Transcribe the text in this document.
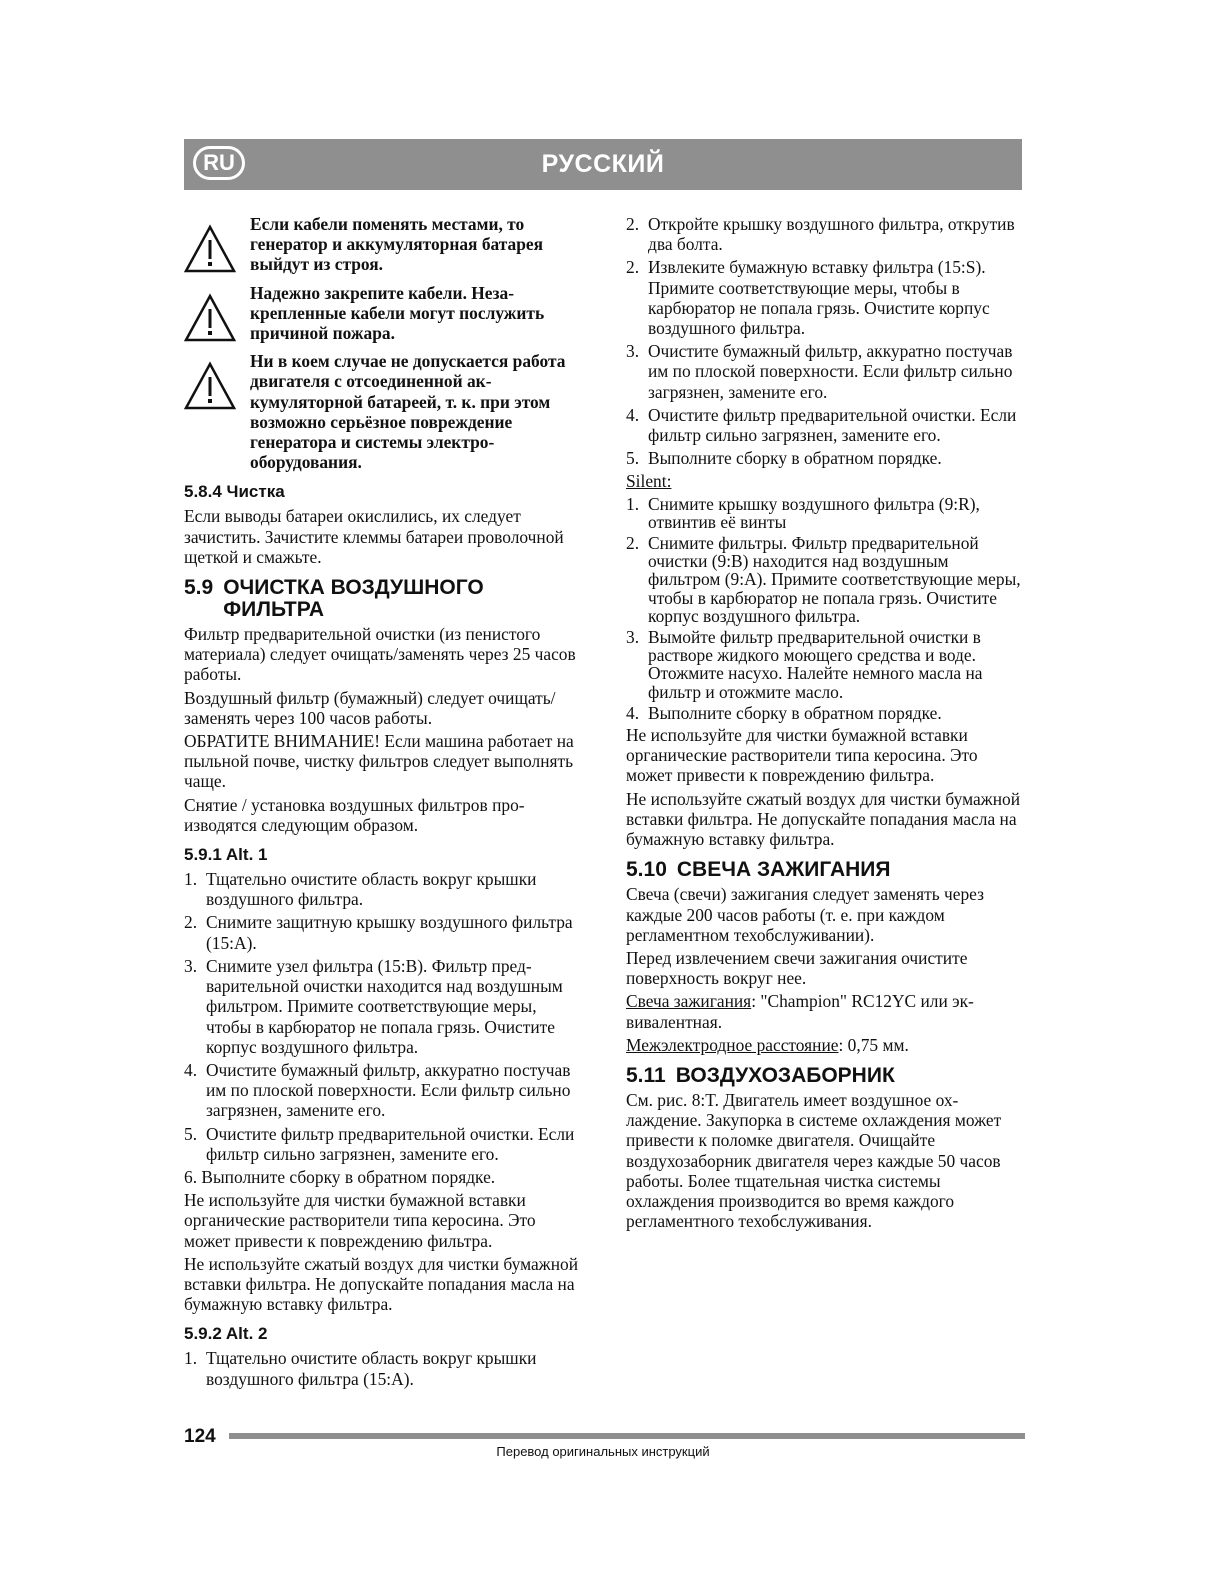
РУССКИЙ
RU
Если кабели поменять местами, то генератор и аккумуляторная батарея выйдут из строя.
Надежно закрепите кабели. Незакрепленные кабели могут послужить причиной пожара.
Ни в коем случае не допускается работа двигателя с отсоединенной аккумуляторной батареей, т. к. при этом возможно серьёзное повреждение генератора и системы электрооборудования.
5.8.4 Чистка

Если выводы батареи окислились, их следует зачистить. Зачистите клеммы батареи проволочной щеткой и смажьте.

5.9 ОЧИСТКА ВОЗДУШНОГО ФИЛЬТРА

Фильтр предварительной очистки (из пенистого материала) следует очищать/заменять через 25 часов работы.

Воздушный фильтр (бумажный) следует очищать/заменять через 100 часов работы.

ОБРАТИТЕ ВНИМАНИЕ! Если машина работает на пыльной почве, чистку фильтров следует выполнять чаще.

Снятие / установка воздушных фильтров производятся следующим образом.

5.9.1 Alt. 1
1. Тщательно очистите область вокруг крышки воздушного фильтра.
2. Снимите защитную крышку воздушного фильтра (15:A).
3. Снимите узел фильтра (15:B). Фильтр предварительной очистки находится над воздушным фильтром. Примите соответствующие меры, чтобы в карбюратор не попала грязь. Очистите корпус воздушного фильтра.
4. Очистите бумажный фильтр, аккуратно постучав им по плоской поверхности. Если фильтр сильно загрязнен, замените его.
5. Очистите фильтр предварительной очистки. Если фильтр сильно загрязнен, замените его.

6. Выполните сборку в обратном порядке.

Не используйте для чистки бумажной вставки органические растворители типа керосина. Это может привести к повреждению фильтра.

Не используйте сжатый воздух для чистки бумажной вставки фильтра. Не допускайте попадания масла на бумажную вставку фильтра.

5.9.2 Alt. 2
1. Тщательно очистите область вокруг крышки воздушного фильтра (15:A).
2. Откройте крышку воздушного фильтра, открутив два болта.
2. Извлеките бумажную вставку фильтра (15:S). Примите соответствующие меры, чтобы в карбюратор не попала грязь. Очистите корпус воздушного фильтра.
3. Очистите бумажный фильтр, аккуратно постучав им по плоской поверхности. Если фильтр сильно загрязнен, замените его.
4. Очистите фильтр предварительной очистки. Если фильтр сильно загрязнен, замените его.
5. Выполните сборку в обратном порядке.

Silent:

1. Снимите крышку воздушного фильтра (9:R), отвинтив её винты
2. Снимите фильтры. Фильтр предварительной очистки (9:B) находится над воздушным фильтром (9:A). Примите соответствующие меры, чтобы в карбюратор не попала грязь. Очистите корпус воздушного фильтра.
3. Вымойте фильтр предварительной очистки в растворе жидкого моющего средства и воде. Отожмите насухо. Налейте немного масла на фильтр и отожмите масло.
4. Выполните сборку в обратном порядке.

Не используйте для чистки бумажной вставки органические растворители типа керосина. Это может привести к повреждению фильтра.

Не используйте сжатый воздух для чистки бумажной вставки фильтра. Не допускайте попадания масла на бумажную вставку фильтра.

5.10 СВЕЧА ЗАЖИГАНИЯ

Свеча (свечи) зажигания следует заменять через каждые 200 часов работы (т. е. при каждом регламентном техобслуживании).

Перед извлечением свечи зажигания очистите поверхность вокруг нее.

Свеча зажигания: "Champion" RC12YC или эквивалентная.

Межэлектродное расстояние: 0,75 мм.

5.11 ВОЗДУХОЗАБОРНИК

См. рис. 8:T. Двигатель имеет воздушное охлаждение. Закупорка в системе охлаждения может привести к поломке двигателя. Очищайте воздухозаборник двигателя через каждые 50 часов работы. Более тщательная чистка системы охлаждения производится во время каждого регламентного техобслуживания.

124
Перевод оригинальных инструкций
